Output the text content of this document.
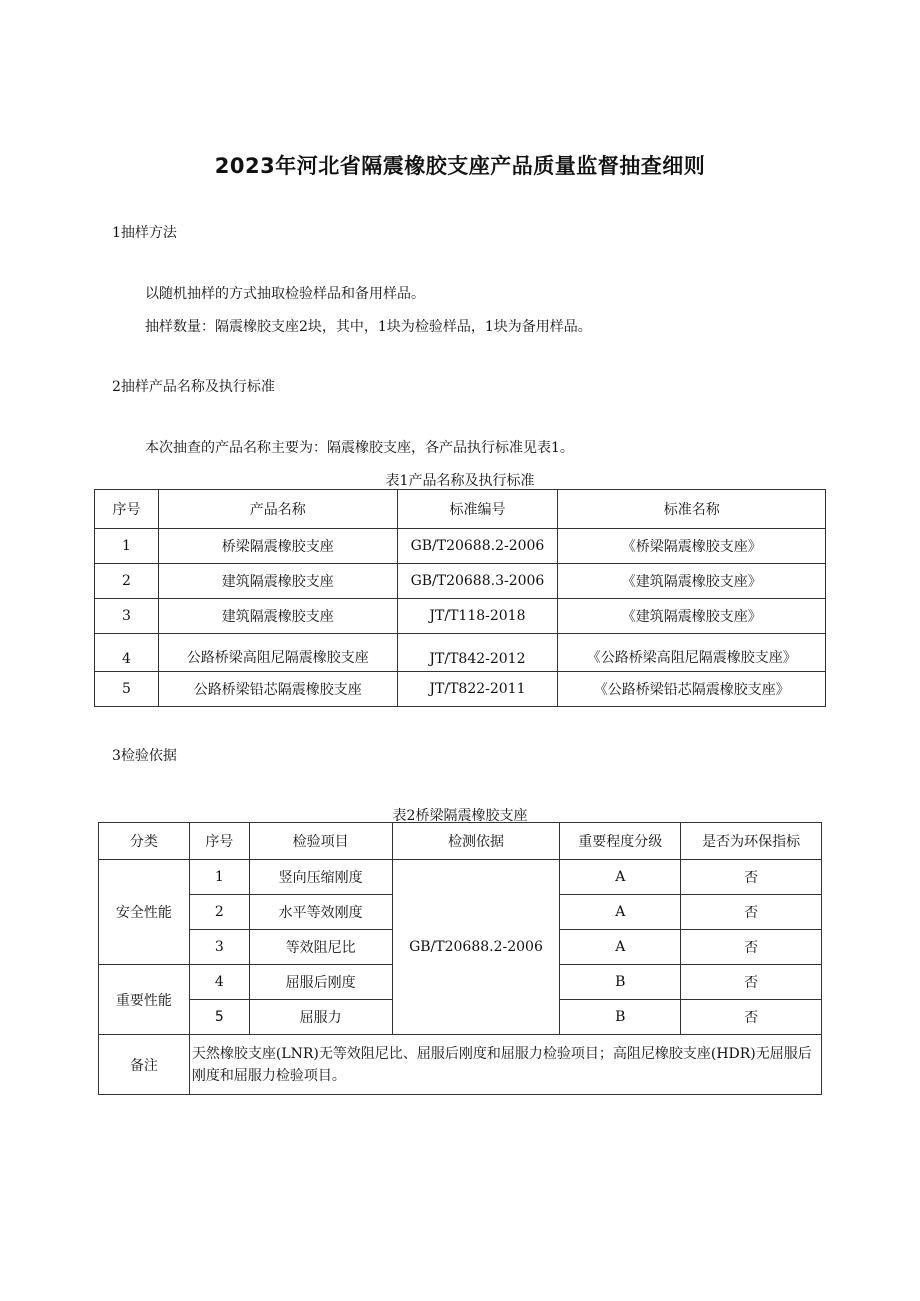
2023年河北省隔震橡胶支座产品质量监督抽查细则
1抽样方法
以随机抽样的方式抽取检验样品和备用样品。
抽样数量：隔震橡胶支座2块，其中，1块为检验样品，1块为备用样品。
2抽样产品名称及执行标准
本次抽查的产品名称主要为：隔震橡胶支座，各产品执行标准见表1。
表1产品名称及执行标准
序号	产品名称	标准编号	标准名称
1	桥梁隔震橡胶支座	GB/T20688.2-2006	《桥梁隔震橡胶支座》
2	建筑隔震橡胶支座	GB/T20688.3-2006	《建筑隔震橡胶支座》
3	建筑隔震橡胶支座	JT/T118-2018	《建筑隔震橡胶支座》
4	公路桥梁高阻尼隔震橡胶支座	JT/T842-2012	《公路桥梁高阻尼隔震橡胶支座》
5	公路桥梁铅芯隔震橡胶支座	JT/T822-2011	《公路桥梁铅芯隔震橡胶支座》
3检验依据
表2桥梁隔震橡胶支座
分类	序号	检验项目	检测依据	重要程度分级	是否为环保指标
安全性能	1	竖向压缩刚度	GB/T20688.2-2006	A	否
	2	水平等效刚度		A	否
	3	等效阻尼比		A	否
重要性能	4	屈服后刚度		B	否
	5	屈服力		B	否
备注	天然橡胶支座(LNR)无等效阻尼比、屈服后刚度和屈服力检验项目；高阻尼橡胶支座(HDR)无屈服后刚度和屈服力检验项目。				
